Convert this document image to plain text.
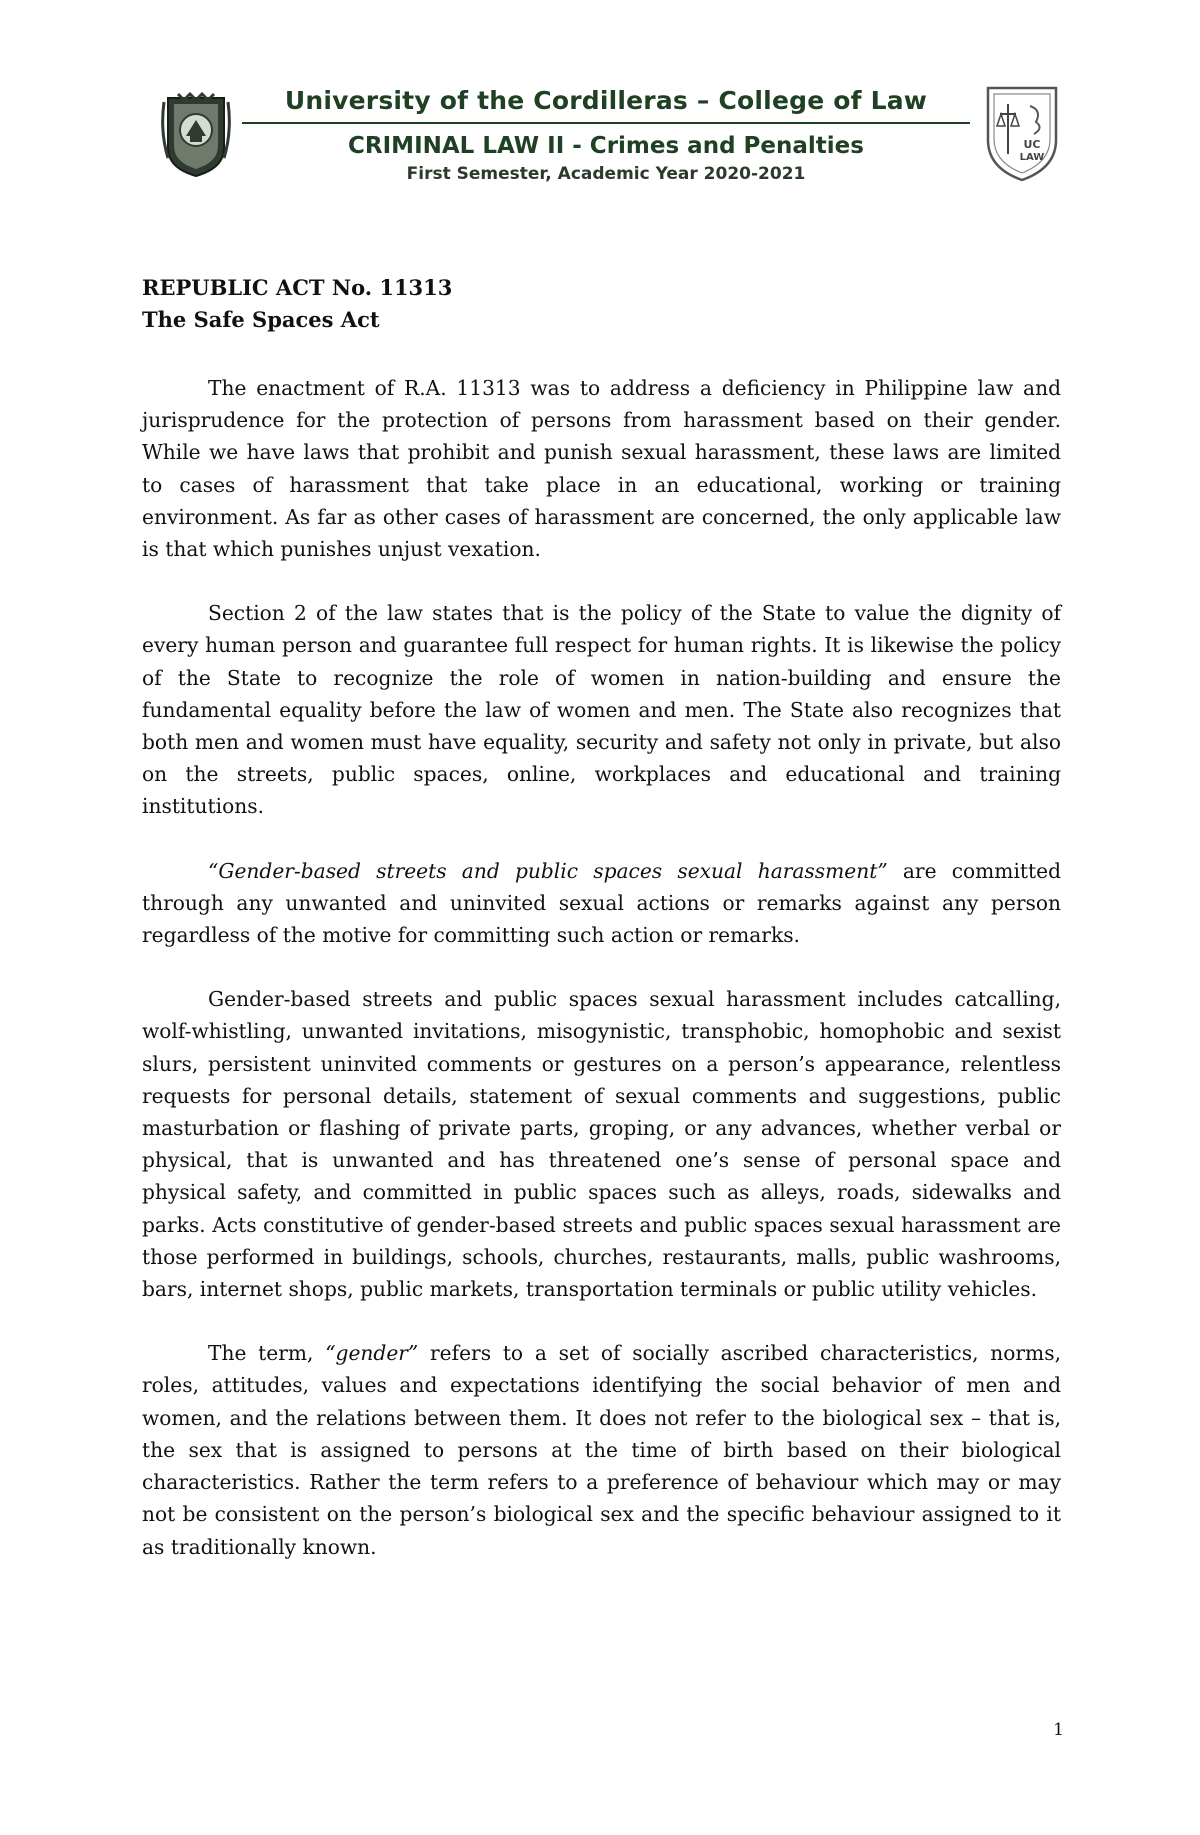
University of the Cordilleras – College of Law
CRIMINAL LAW II - Crimes and Penalties
First Semester, Academic Year 2020-2021
UC
LAW
REPUBLIC ACT No. 11313
The Safe Spaces Act

The enactment of R.A. 11313 was to address a deficiency in Philippine law and jurisprudence for the protection of persons from harassment based on their gender. While we have laws that prohibit and punish sexual harassment, these laws are limited to cases of harassment that take place in an educational, working or training environment. As far as other cases of harassment are concerned, the only applicable law is that which punishes unjust vexation.

Section 2 of the law states that is the policy of the State to value the dignity of every human person and guarantee full respect for human rights. It is likewise the policy of the State to recognize the role of women in nation-building and ensure the fundamental equality before the law of women and men. The State also recognizes that both men and women must have equality, security and safety not only in private, but also on the streets, public spaces, online, workplaces and educational and training institutions.

“Gender-based streets and public spaces sexual harassment” are committed through any unwanted and uninvited sexual actions or remarks against any person regardless of the motive for committing such action or remarks.

Gender-based streets and public spaces sexual harassment includes catcalling, wolf-whistling, unwanted invitations, misogynistic, transphobic, homophobic and sexist slurs, persistent uninvited comments or gestures on a person’s appearance, relentless requests for personal details, statement of sexual comments and suggestions, public masturbation or flashing of private parts, groping, or any advances, whether verbal or physical, that is unwanted and has threatened one’s sense of personal space and physical safety, and committed in public spaces such as alleys, roads, sidewalks and parks. Acts constitutive of gender-based streets and public spaces sexual harassment are those performed in buildings, schools, churches, restaurants, malls, public washrooms, bars, internet shops, public markets, transportation terminals or public utility vehicles.

The term, “gender” refers to a set of socially ascribed characteristics, norms, roles, attitudes, values and expectations identifying the social behavior of men and women, and the relations between them. It does not refer to the biological sex – that is, the sex that is assigned to persons at the time of birth based on their biological characteristics. Rather the term refers to a preference of behaviour which may or may not be consistent on the person’s biological sex and the specific behaviour assigned to it as traditionally known.

1
